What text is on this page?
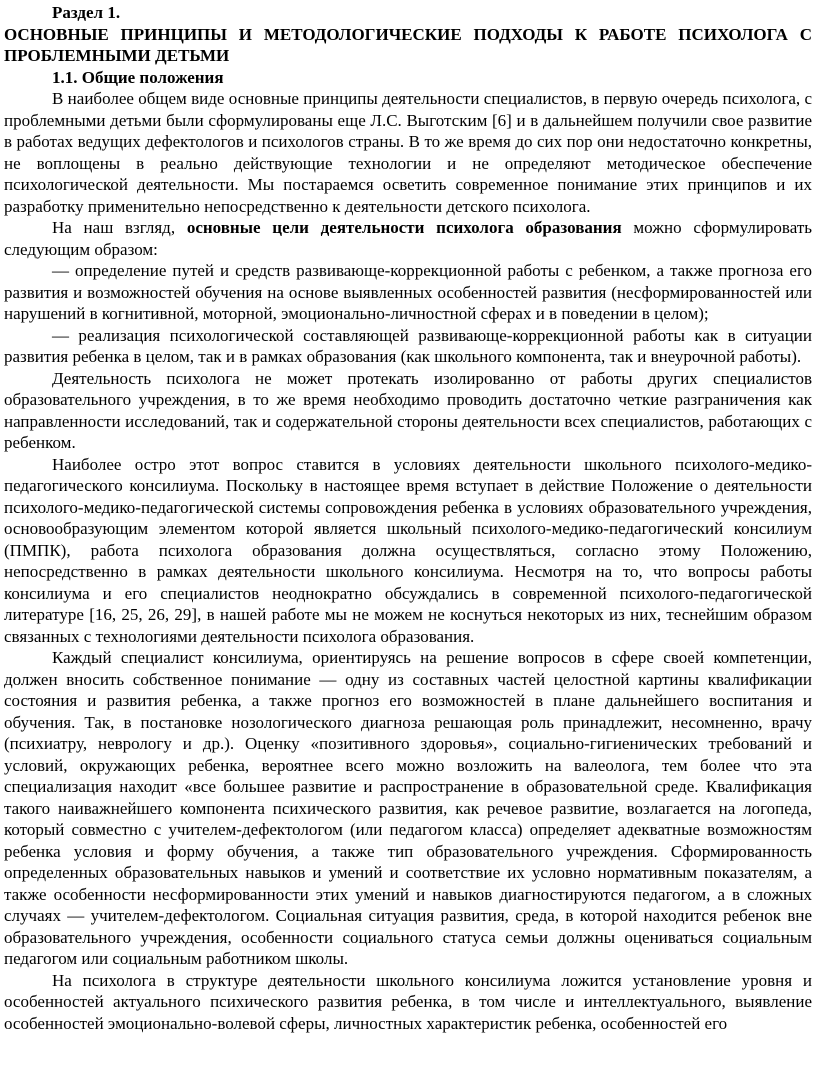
Раздел 1.
ОСНОВНЫЕ ПРИНЦИПЫ И МЕТОДОЛОГИЧЕСКИЕ ПОДХОДЫ К РАБОТЕ ПСИХОЛОГА С ПРОБЛЕМНЫМИ ДЕТЬМИ
1.1. Общие положения

В наиболее общем виде основные принципы деятельности специалистов, в первую очередь психолога, с проблемными детьми были сформулированы еще Л.С. Выготским [6] и в дальнейшем получили свое развитие в работах ведущих дефектологов и психологов страны. В то же время до сих пор они недостаточно конкретны, не воплощены в реально действующие технологии и не определяют методическое обеспечение психологической деятельности. Мы постараемся осветить современное понимание этих принципов и их разработку применительно непосредственно к деятельности детского психолога.

На наш взгляд, основные цели деятельности психолога образования можно сформулировать следующим образом:

— определение путей и средств развивающе-коррекционной работы с ребенком, а также прогноза его развития и возможностей обучения на основе выявленных особенностей развития (несформированностей или нарушений в когнитивной, моторной, эмоционально-личностной сферах и в поведении в целом);

— реализация психологической составляющей развивающе-коррекционной работы как в ситуации развития ребенка в целом, так и в рамках образования (как школьного компонента, так и внеурочной работы).

Деятельность психолога не может протекать изолированно от работы других специалистов образовательного учреждения, в то же время необходимо проводить достаточно четкие разграничения как направленности исследований, так и содержательной стороны деятельности всех специалистов, работающих с ребенком.

Наиболее остро этот вопрос ставится в условиях деятельности школьного психолого-медико-педагогического консилиума. Поскольку в настоящее время вступает в действие Положение о деятельности психолого-медико-педагогической системы сопровождения ребенка в условиях образовательного учреждения, основообразующим элементом которой является школьный психолого-медико-педагогический консилиум (ПМПК), работа психолога образования должна осуществляться, согласно этому Положению, непосредственно в рамках деятельности школьного консилиума. Несмотря на то, что вопросы работы консилиума и его специалистов неоднократно обсуждались в современной психолого-педагогической литературе [16, 25, 26, 29], в нашей работе мы не можем не коснуться некоторых из них, теснейшим образом связанных с технологиями деятельности психолога образования.

Каждый специалист консилиума, ориентируясь на решение вопросов в сфере своей компетенции, должен вносить собственное понимание — одну из составных частей целостной картины квалификации состояния и развития ребенка, а также прогноз его возможностей в плане дальнейшего воспитания и обучения. Так, в постановке нозологического диагноза решающая роль принадлежит, несомненно, врачу (психиатру, неврологу и др.). Оценку «позитивного здоровья», социально-гигиенических требований и условий, окружающих ребенка, вероятнее всего можно возложить на валеолога, тем более что эта специализация находит «все большее развитие и распространение в образовательной среде. Квалификация такого наиважнейшего компонента психического развития, как речевое развитие, возлагается на логопеда, который совместно с учителем-дефектологом (или педагогом класса) определяет адекватные возможностям ребенка условия и форму обучения, а также тип образовательного учреждения. Сформированность определенных образовательных навыков и умений и соответствие их условно нормативным показателям, а также особенности несформированности этих умений и навыков диагностируются педагогом, а в сложных случаях — учителем-дефектологом. Социальная ситуация развития, среда, в которой находится ребенок вне образовательного учреждения, особенности социального статуса семьи должны оцениваться социальным педагогом или социальным работником школы.

На психолога в структуре деятельности школьного консилиума ложится установление уровня и особенностей актуального психического развития ребенка, в том числе и интеллектуального, выявление особенностей эмоционально-волевой сферы, личностных характеристик ребенка, особенностей его
